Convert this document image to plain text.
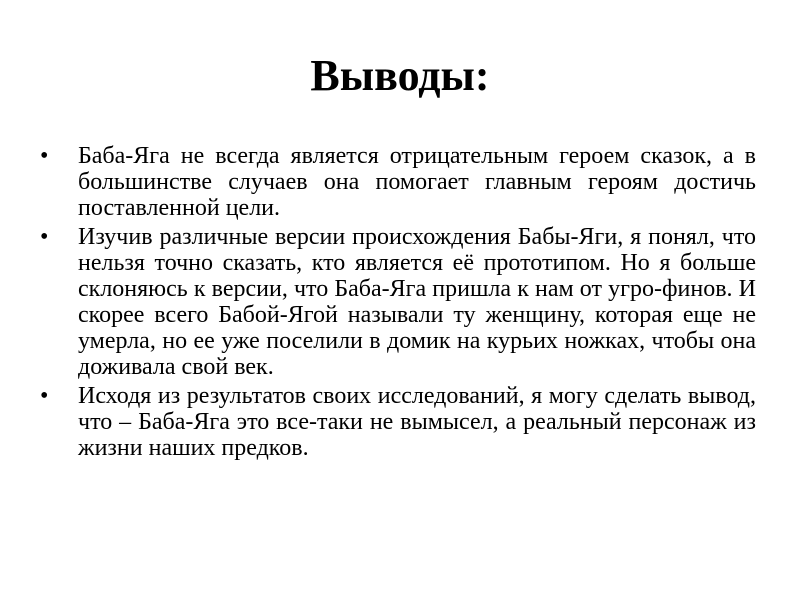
Выводы:
•	Баба-Яга не всегда является отрицательным героем сказок, а в большинстве случаев она помогает главным героям достичь поставленной цели.
•	Изучив различные версии происхождения Бабы-Яги, я понял, что нельзя точно сказать, кто является её прототипом. Но я больше склоняюсь к версии, что Баба-Яга пришла к нам от угро-финов. И скорее всего Бабой-Ягой называли ту женщину, которая еще не умерла, но ее уже поселили в домик на курьих ножках, чтобы она доживала свой век.
•	Исходя из результатов своих исследований, я могу сделать вывод, что – Баба-Яга это все-таки не вымысел, а реальный персонаж из жизни наших предков.
